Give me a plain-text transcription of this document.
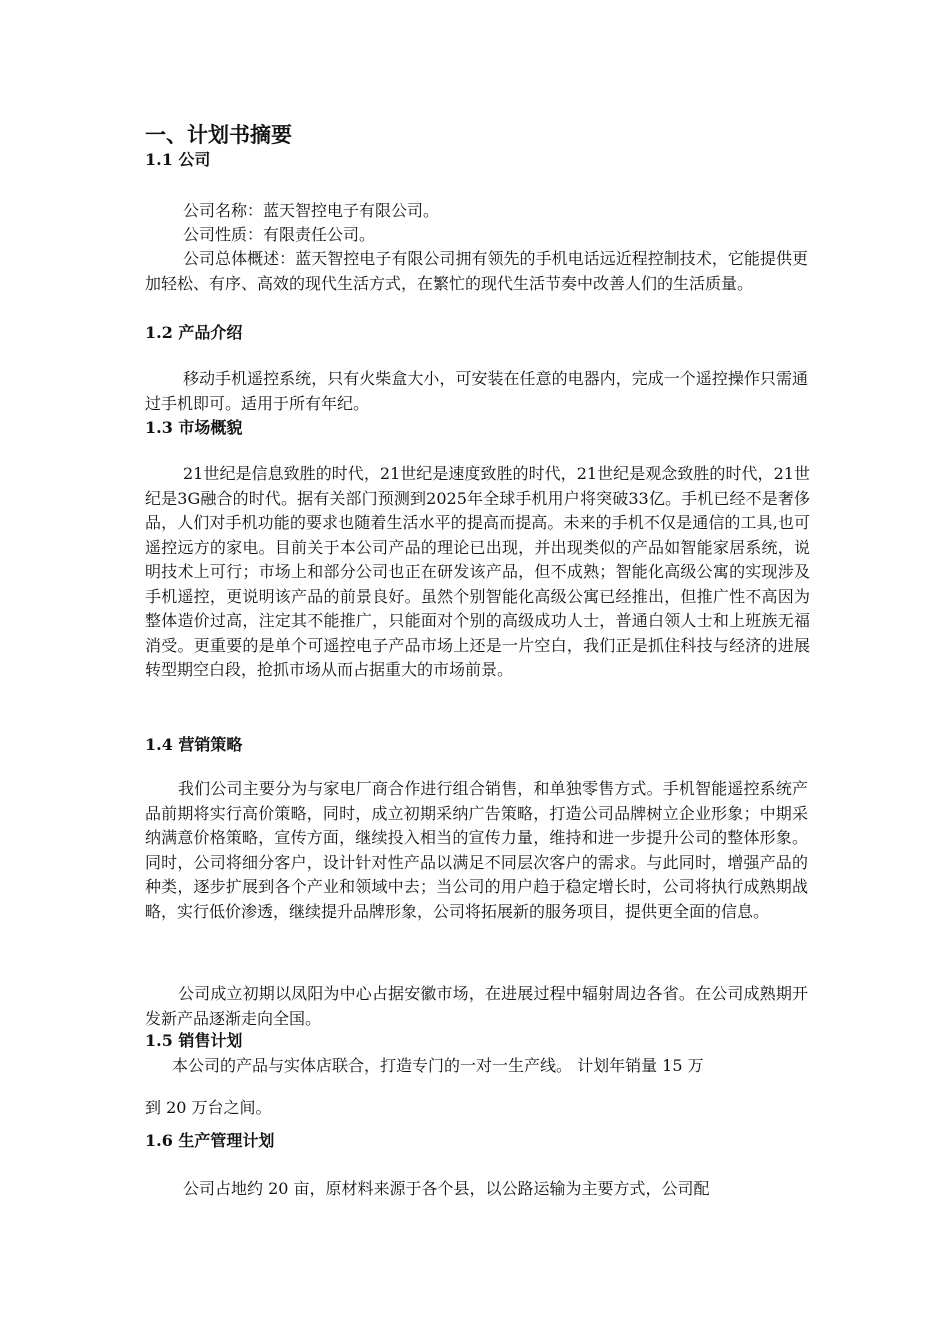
一、计划书摘要
1.1 公司

公司名称：蓝天智控电子有限公司。

公司性质：有限责任公司。

公司总体概述：蓝天智控电子有限公司拥有领先的手机电话远近程控制技术，它能提供更加轻松、有序、高效的现代生活方式，在繁忙的现代生活节奏中改善人们的生活质量。

1.2 产品介绍

移动手机遥控系统，只有火柴盒大小，可安装在任意的电器内，完成一个遥控操作只需通过手机即可。适用于所有年纪。

1.3 市场概貌

21世纪是信息致胜的时代，21世纪是速度致胜的时代，21世纪是观念致胜的时代，21世纪是3G融合的时代。据有关部门预测到2025年全球手机用户将突破33亿。手机已经不是奢侈品，人们对手机功能的要求也随着生活水平的提高而提高。未来的手机不仅是通信的工具,也可遥控远方的家电。目前关于本公司产品的理论已出现，并出现类似的产品如智能家居系统，说明技术上可行；市场上和部分公司也正在研发该产品，但不成熟；智能化高级公寓的实现涉及手机遥控，更说明该产品的前景良好。虽然个别智能化高级公寓已经推出，但推广性不高因为整体造价过高，注定其不能推广，只能面对个别的高级成功人士，普通白领人士和上班族无福消受。更重要的是单个可遥控电子产品市场上还是一片空白，我们正是抓住科技与经济的进展转型期空白段，抢抓市场从而占据重大的市场前景。

1.4 营销策略

我们公司主要分为与家电厂商合作进行组合销售，和单独零售方式。手机智能遥控系统产品前期将实行高价策略，同时，成立初期采纳广告策略，打造公司品牌树立企业形象；中期采纳满意价格策略，宣传方面，继续投入相当的宣传力量，维持和进一步提升公司的整体形象。同时，公司将细分客户，设计针对性产品以满足不同层次客户的需求。与此同时，增强产品的种类，逐步扩展到各个产业和领域中去；当公司的用户趋于稳定增长时，公司将执行成熟期战略，实行低价渗透，继续提升品牌形象，公司将拓展新的服务项目，提供更全面的信息。

公司成立初期以凤阳为中心占据安徽市场，在进展过程中辐射周边各省。在公司成熟期开发新产品逐渐走向全国。

1.5 销售计划

本公司的产品与实体店联合，打造专门的一对一生产线。 计划年销量 15 万

到 20 万台之间。

1.6 生产管理计划

公司占地约 20 亩，原材料来源于各个县，以公路运输为主要方式，公司配
